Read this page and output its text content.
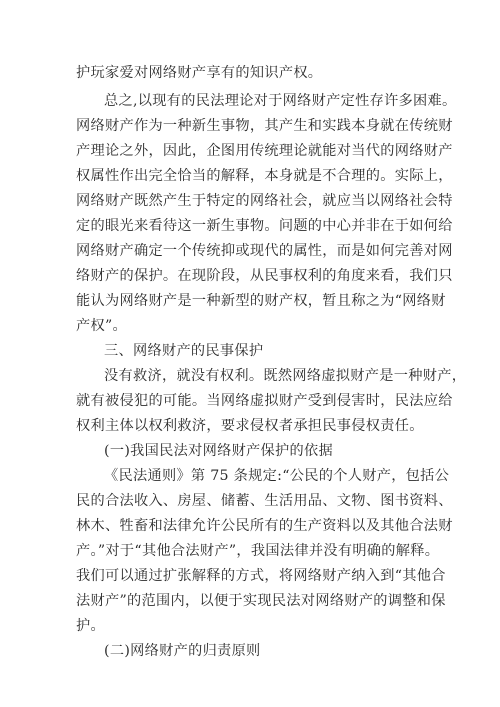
护玩家爱对网络财产享有的知识产权。
总之,以现有的民法理论对于网络财产定性存许多困难。
网络财产作为一种新生事物，其产生和实践本身就在传统财
产理论之外，因此，企图用传统理论就能对当代的网络财产
权属性作出完全恰当的解释，本身就是不合理的。实际上，
网络财产既然产生于特定的网络社会，就应当以网络社会特
定的眼光来看待这一新生事物。问题的中心并非在于如何给
网络财产确定一个传统抑或现代的属性，而是如何完善对网
络财产的保护。在现阶段，从民事权利的角度来看，我们只
能认为网络财产是一种新型的财产权，暂且称之为“网络财
产权”。
三、网络财产的民事保护
没有救济，就没有权利。既然网络虚拟财产是一种财产，
就有被侵犯的可能。当网络虚拟财产受到侵害时，民法应给
权利主体以权利救济，要求侵权者承担民事侵权责任。
(一)我国民法对网络财产保护的依据
《民法通则》第 75 条规定:“公民的个人财产，包括公
民的合法收入、房屋、储蓄、生活用品、文物、图书资料、
林木、牲畜和法律允许公民所有的生产资料以及其他合法财
产。”对于“其他合法财产”，我国法律并没有明确的解释。
我们可以通过扩张解释的方式，将网络财产纳入到“其他合
法财产”的范围内，以便于实现民法对网络财产的调整和保
护。
(二)网络财产的归责原则
